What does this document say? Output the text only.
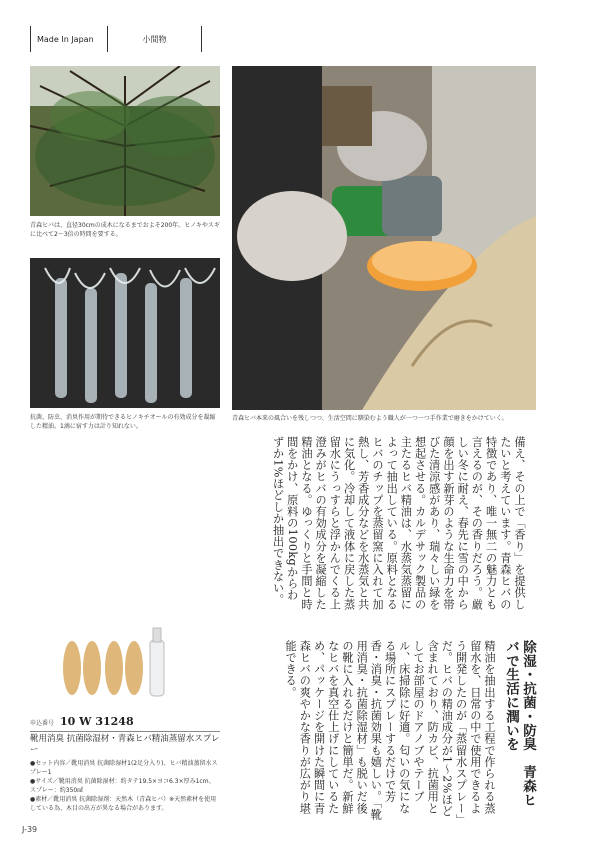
Made In Japan	小間物
青森ヒバは、直径30cmの成木になるまでおよそ200年。ヒノキやスギに比べて2〜3倍の時間を要する。
抗菌、防虫、消臭作用が期待できるヒノキチオールの有効成分を凝縮した精油。1滴に宿す力は計り知れない。
青森ヒバ本来の風合いを残しつつ、生活空間に馴染むよう職人が一つ一つ手作業で磨きをかけていく。
除湿・抗菌・防臭　青森ヒバで生活に潤いを
精油を抽出する工程で作られる蒸留水を、日常の中で使用できるよう開発したのが「蒸留水スプレー」だ。ヒバの精油成分が1〜2%ほど含まれており、防カビ、抗菌用としてお部屋のドアノブやテーブル、床掃除に好適。匂いの気になる場所にスプレーするだけで芳香・消臭・抗菌効果も嬉しい。「靴用消臭・抗菌除湿材」も脱いだ後の靴に入れるだけと簡単だ。新鮮なヒバを真空仕上げにしているため、パッケージを開けた瞬間に青森ヒバの爽やかな香りが広がり堪能できる。
備え、その上で「香り」を提供したいと考えています。青森ヒバの特徴であり、唯一無二の魅力とも言えるのが、その香りだろう。厳しい冬に耐え、春先に雪の中から顔を出す新芽のような生命力を帯びた清涼感があり、瑞々しい緑を想起させる。カルデサック製品の主たるヒバ精油は、水蒸気蒸留によって抽出している。原料となるヒバのチップを蒸留窯に入れて加熱し、芳香成分などを水蒸気と共に気化。冷却して液体に戻した蒸留水にうっすらと浮かんでくる上澄みがヒバの有効成分を凝縮した精油となる。ゆっくりと手間と時間をかけ、原料の100kgからわずか1%ほどしか抽出できない。
申込番号 10 W 31248
靴用消臭 抗菌除湿材・青森ヒバ精油蒸留水スプレー
●セット内容／靴用消臭 抗菌除湿材1(2足分入り)、ヒバ精油蒸留水スプレー1
●サイズ／靴用消臭 抗菌除湿材：約タテ19.5×ヨコ6.3×厚み1cm、スプレー：約350㎖
●素材／靴用消臭 抗菌除湿剤：天然木（青森ヒバ）※天然素材を使用している為、木目の出方が異なる場合があります。
J-39
